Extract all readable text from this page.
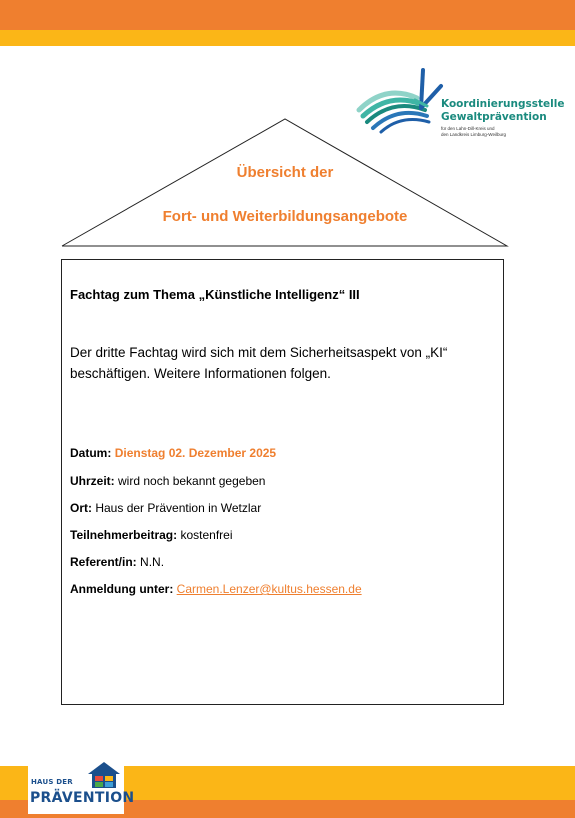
Koordinierungsstelle
Gewaltprävention
für den Lahn-Dill-Kreis und
den Landkreis Limburg-Weilburg
Übersicht der
Fort- und Weiterbildungsangebote
Fachtag zum Thema „Künstliche Intelligenz“ III
Der dritte Fachtag wird sich mit dem Sicherheitsaspekt von „KI“ beschäftigen. Weitere Informationen folgen.
Datum: Dienstag 02. Dezember 2025
Uhrzeit: wird noch bekannt gegeben
Ort: Haus der Prävention in Wetzlar
Teilnehmerbeitrag: kostenfrei
Referent/in: N.N.
Anmeldung unter: Carmen.Lenzer@kultus.hessen.de
HAUS DER
PRÄVENTION
